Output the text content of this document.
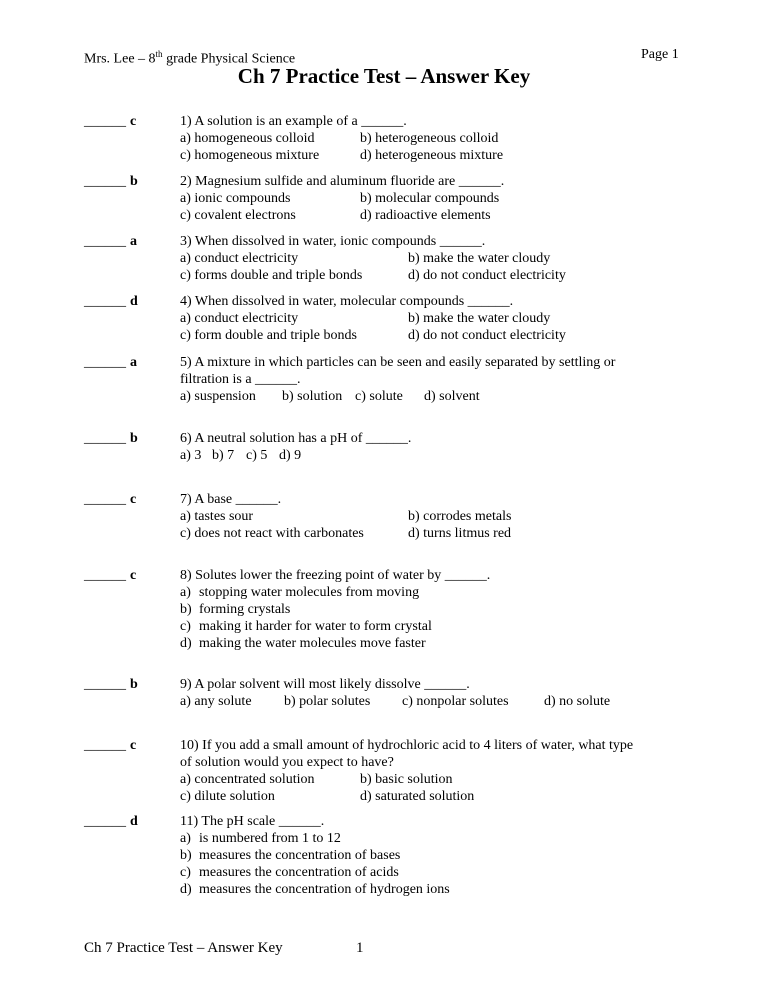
Mrs. Lee – 8th grade Physical Science	Page 1
Ch 7 Practice Test – Answer Key
______ c	1) A solution is an example of a ______.
a) homogeneous colloid	b) heterogeneous colloid
c) homogeneous mixture	d) heterogeneous mixture
______ b	2) Magnesium sulfide and aluminum fluoride are ______.
a) ionic compounds	b) molecular compounds
c) covalent electrons	d) radioactive elements
______ a	3) When dissolved in water, ionic compounds ______.
a) conduct electricity	b) make the water cloudy
c) forms double and triple bonds	d) do not conduct electricity
______ d	4) When dissolved in water, molecular compounds ______.
a) conduct electricity	b) make the water cloudy
c) form double and triple bonds	d) do not conduct electricity
______ a	5) A mixture in which particles can be seen and easily separated by settling or
filtration is a ______.
a) suspension b) solution c) solute d) solvent
______ b	6) A neutral solution has a pH of ______.
a) 3 b) 7 c) 5 d) 9
______ c	7) A base ______.
a) tastes sour	b) corrodes metals
c) does not react with carbonates	d) turns litmus red
______ c	8) Solutes lower the freezing point of water by ______.
a) stopping water molecules from moving
b) forming crystals
c) making it harder for water to form crystal
d) making the water molecules move faster
______ b	9) A polar solvent will most likely dissolve ______.
a) any solute b) polar solutes c) nonpolar solutes	d) no solute
______ c	10) If you add a small amount of hydrochloric acid to 4 liters of water, what type
of solution would you expect to have?
a) concentrated solution	b) basic solution
c) dilute solution	d) saturated solution
______ d	11) The pH scale ______.
a) is numbered from 1 to 12
b) measures the concentration of bases
c) measures the concentration of acids
d) measures the concentration of hydrogen ions
Ch 7 Practice Test – Answer Key	1
